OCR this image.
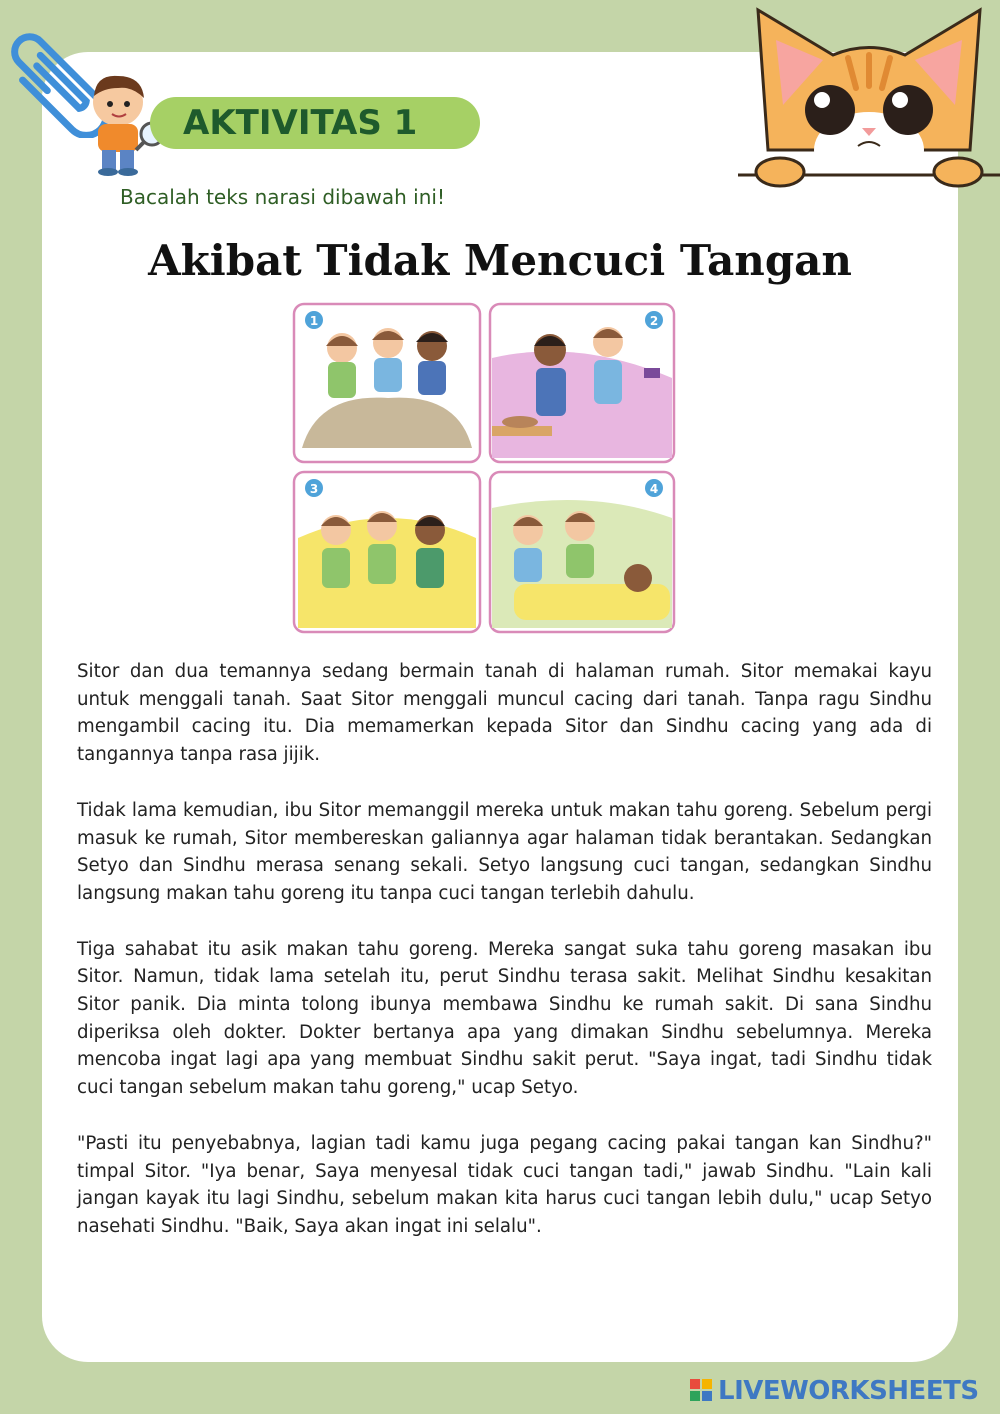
AKTIVITAS 1

Bacalah teks narasi dibawah ini!

Akibat Tidak Mencuci Tangan
1	2
3	4

Sitor dan dua temannya sedang bermain tanah di halaman rumah. Sitor memakai kayu untuk menggali tanah. Saat Sitor menggali muncul cacing dari tanah. Tanpa ragu Sindhu mengambil cacing itu. Dia memamerkan kepada Sitor dan Sindhu cacing yang ada di tangannya tanpa rasa jijik.

Tidak lama kemudian, ibu Sitor memanggil mereka untuk makan tahu goreng. Sebelum pergi masuk ke rumah, Sitor membereskan galiannya agar halaman tidak berantakan. Sedangkan Setyo dan Sindhu merasa senang sekali. Setyo langsung cuci tangan, sedangkan Sindhu langsung makan tahu goreng itu tanpa cuci tangan terlebih dahulu.

Tiga sahabat itu asik makan tahu goreng. Mereka sangat suka tahu goreng masakan ibu Sitor. Namun, tidak lama setelah itu, perut Sindhu terasa sakit. Melihat Sindhu kesakitan Sitor panik. Dia minta tolong ibunya membawa Sindhu ke rumah sakit. Di sana Sindhu diperiksa oleh dokter. Dokter bertanya apa yang dimakan Sindhu sebelumnya. Mereka mencoba ingat lagi apa yang membuat Sindhu sakit perut. "Saya ingat, tadi Sindhu tidak cuci tangan sebelum makan tahu goreng," ucap Setyo.

"Pasti itu penyebabnya, lagian tadi kamu juga pegang cacing pakai tangan kan Sindhu?" timpal Sitor. "Iya benar, Saya menyesal tidak cuci tangan tadi," jawab Sindhu. "Lain kali jangan kayak itu lagi Sindhu, sebelum makan kita harus cuci tangan lebih dulu," ucap Setyo nasehati Sindhu. "Baik, Saya akan ingat ini selalu".

LIVEWORKSHEETS
